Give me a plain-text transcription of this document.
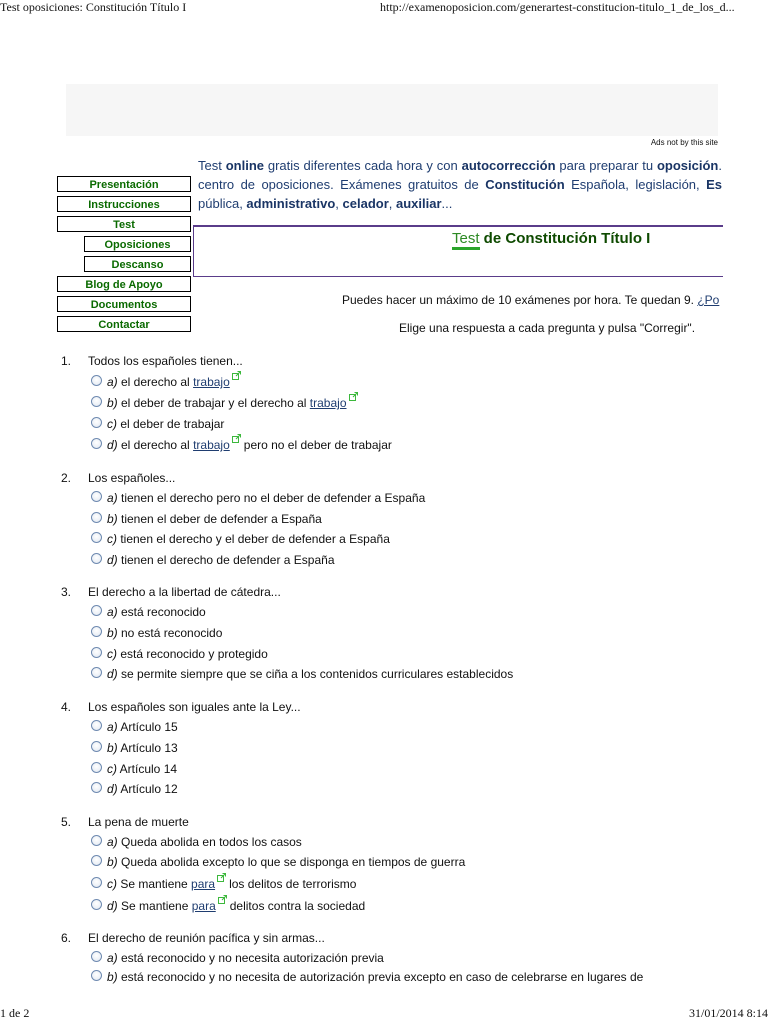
Test oposiciones: Constitución Título I	http://examenoposicion.com/generartest-constitucion-titulo_1_de_los_d...
Ads not by this site
Presentación
Instrucciones
Test
Oposiciones
Descanso
Blog de Apoyo
Documentos
Contactar
Test online gratis diferentes cada hora y con autocorrección para preparar tu oposición. centro de oposiciones. Exámenes gratuitos de Constitución Española, legislación, Es pública, administrativo, celador, auxiliar...
Test de Constitución Título I
Puedes hacer un máximo de 10 exámenes por hora. Te quedan 9. ¿Po
Elige una respuesta a cada pregunta y pulsa "Corregir".
1. Todos los españoles tienen...
a) el derecho al trabajo
b) el deber de trabajar y el derecho al trabajo
c) el deber de trabajar
d) el derecho al trabajo pero no el deber de trabajar
2. Los españoles...
a) tienen el derecho pero no el deber de defender a España
b) tienen el deber de defender a España
c) tienen el derecho y el deber de defender a España
d) tienen el derecho de defender a España
3. El derecho a la libertad de cátedra...
a) está reconocido
b) no está reconocido
c) está reconocido y protegido
d) se permite siempre que se ciña a los contenidos curriculares establecidos
4. Los españoles son iguales ante la Ley...
a) Artículo 15
b) Artículo 13
c) Artículo 14
d) Artículo 12
5. La pena de muerte
a) Queda abolida en todos los casos
b) Queda abolida excepto lo que se disponga en tiempos de guerra
c) Se mantiene para los delitos de terrorismo
d) Se mantiene para delitos contra la sociedad
6. El derecho de reunión pacífica y sin armas...
a) está reconocido y no necesita autorización previa
b) está reconocido y no necesita de autorización previa excepto en caso de celebrarse en lugares de
1 de 2	31/01/2014 8:14
